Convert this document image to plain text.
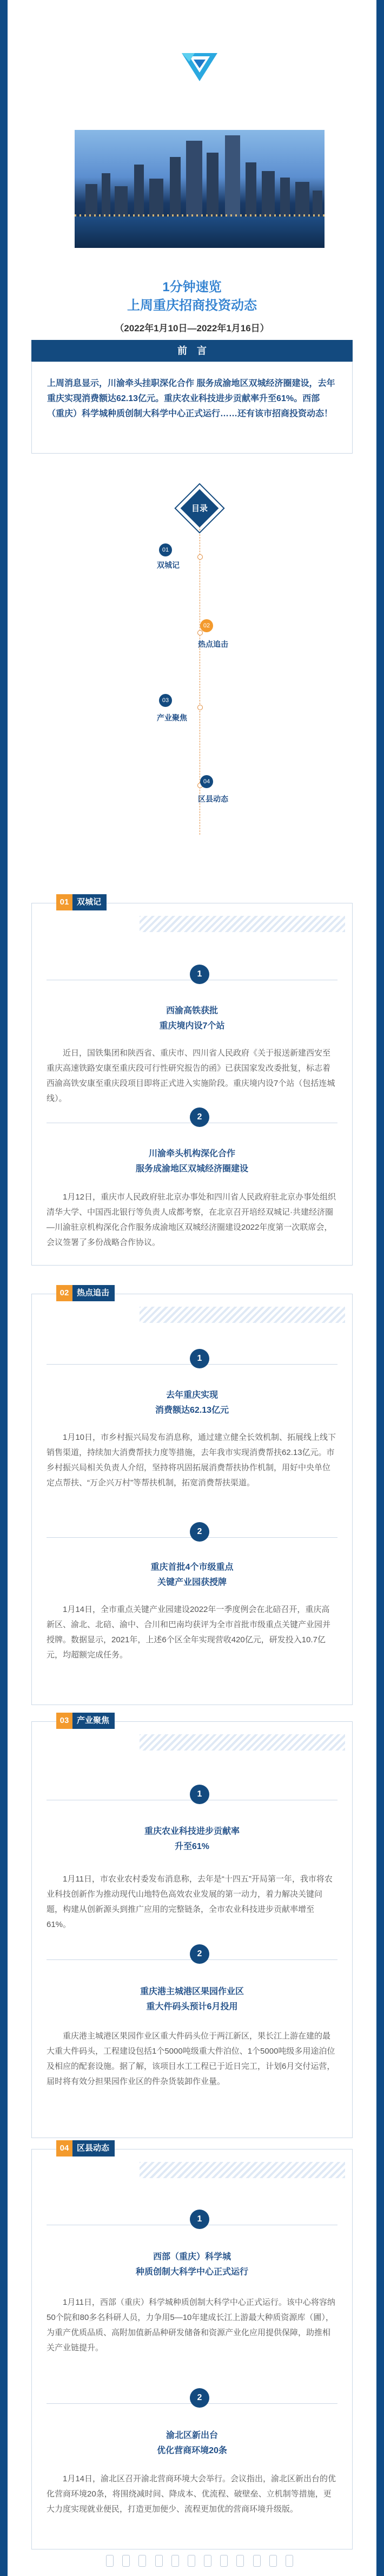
1分钟速览
上周重庆招商投资动态
（2022年1月10日—2022年1月16日）
前　言
上周消息显示，川渝牵头挂职深化合作 服务成渝地区双城经济圈建设，去年重庆实现消费额达62.13亿元。重庆农业科技进步贡献率升至61%。西部（重庆）科学城种质创制大科学中心正式运行……还有该市招商投资动态！
目录
01
双城记
02
热点追击
03
产业聚焦
04
区县动态
01 双城记
1
西渝高铁获批
重庆境内设7个站
近日，国铁集团和陕西省、重庆市、四川省人民政府《关于报送新建西安至重庆高速铁路安康至重庆段可行性研究报告的函》已获国家发改委批复，标志着西渝高铁安康至重庆段项目即将正式进入实施阶段。重庆境内设7个站（包括连城线）。
2
川渝牵头机构深化合作
服务成渝地区双城经济圈建设
1月12日，重庆市人民政府驻北京办事处和四川省人民政府驻北京办事处组织清华大学、中国西北银行等负责人成都考察，在北京召开培经双城记·共建经济圈—川渝驻京机构深化合作服务成渝地区双城经济圈建设2022年度第一次联席会，会议签署了多份战略合作协议。
02 热点追击
1
去年重庆实现
消费额达62.13亿元
1月10日，市乡村振兴局发布消息称，通过建立健全长效机制、拓展线上线下销售渠道，持续加大消费帮扶力度等措施，去年我市实现消费帮扶62.13亿元。市乡村振兴局相关负责人介绍，坚持将巩固拓展消费帮扶协作机制，用好中央单位定点帮扶、“万企兴万村”等帮扶机制，拓宽消费帮扶渠道。
2
重庆首批4个市级重点
关键产业园获授牌
1月14日，全市重点关键产业园建设2022年一季度例会在北碚召开，重庆高新区、渝北、北碚、渝中、合川和巴南均获评为全市首批市级重点关键产业园并授牌。数据显示，2021年，上述6个区全年实现营收420亿元，研发投入10.7亿元，均超额完成任务。
03 产业聚焦
1
重庆农业科技进步贡献率
升至61%
1月11日，市农业农村委发布消息称，去年是“十四五”开局第一年，我市将农业科技创新作为推动现代山地特色高效农业发展的第一动力，着力解决关键问题，构建从创新源头到推广应用的完整链条，全市农业科技进步贡献率增至61%。
2
重庆港主城港区果园作业区
重大件码头预计6月投用
重庆港主城港区果园作业区重大件码头位于两江新区，果长江上游在建的最大重大件码头，工程建设包括1个5000吨级重大件泊位、1个5000吨级多用途泊位及相应的配套设施。据了解，该项目水工工程已于近日完工，计划6月交付运营，届时将有效分担果园作业区的件杂货装卸作业量。
04 区县动态
1
西部（重庆）科学城
种质创制大科学中心正式运行
1月11日，西部（重庆）科学城种质创制大科学中心正式运行。该中心将容纳50个院和80多名科研人员，力争用5—10年建成长江上游最大种质资源库（圃），为重产优质品质、高附加值新品种研发储备和资源产业化应用提供保障，助推相关产业链提升。
2
渝北区新出台
优化营商环境20条
1月14日，渝北区召开渝北营商环境大会举行。会议指出，渝北区新出台的优化营商环境20条，将围绕减时间、降成本、优流程、破壁垒、立机制等措施，更大力度实现就业便民，打造更加便少、流程更加优的营商环境升级版。
